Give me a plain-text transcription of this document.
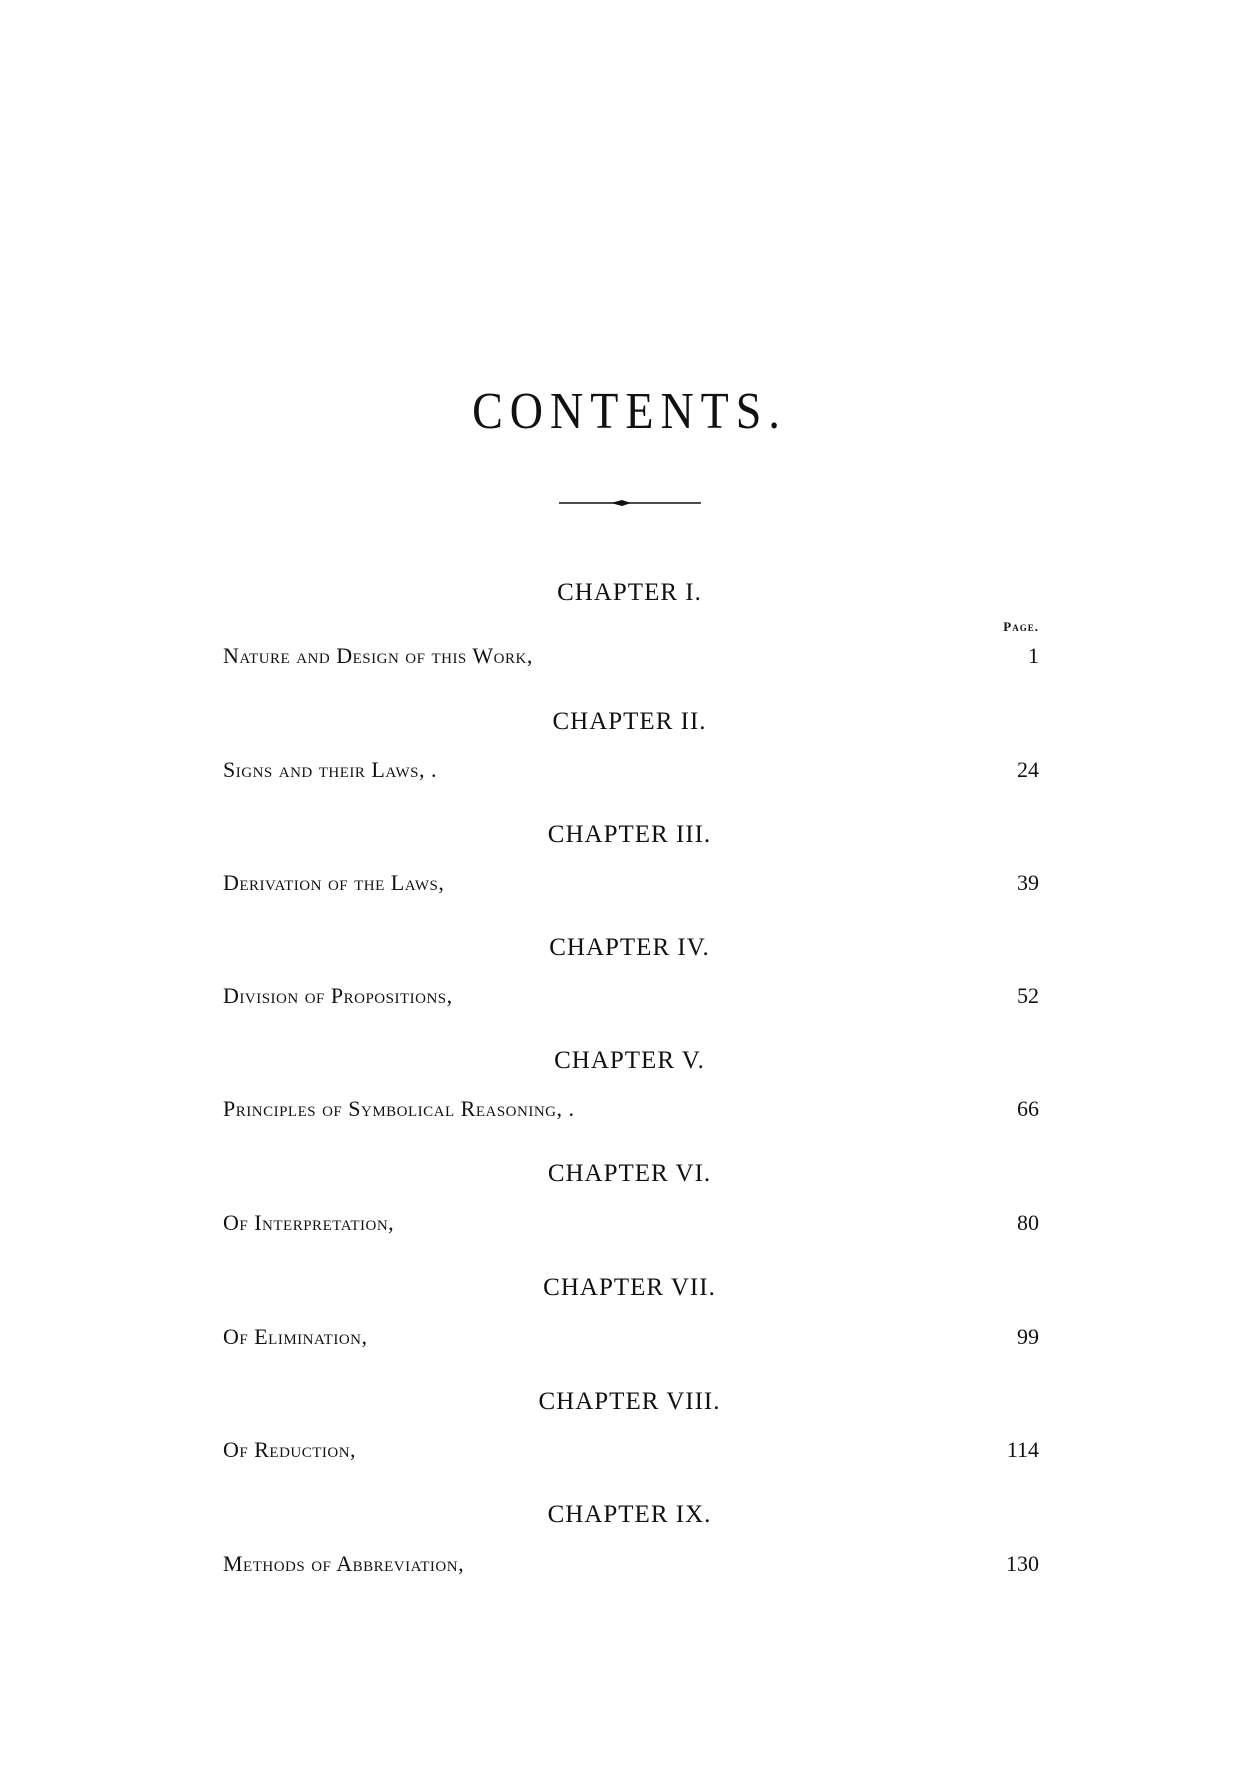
CONTENTS.
Page.
CHAPTER I.
Nature and Design of this Work,	1
CHAPTER II.
Signs and their Laws, .	24
CHAPTER III.
Derivation of the Laws,	39
CHAPTER IV.
Division of Propositions,	52
CHAPTER V.
Principles of Symbolical Reasoning, .	66
CHAPTER VI.
Of Interpretation,	80
CHAPTER VII.
Of Elimination,	99
CHAPTER VIII.
Of Reduction,	114
CHAPTER IX.
Methods of Abbreviation,	130
